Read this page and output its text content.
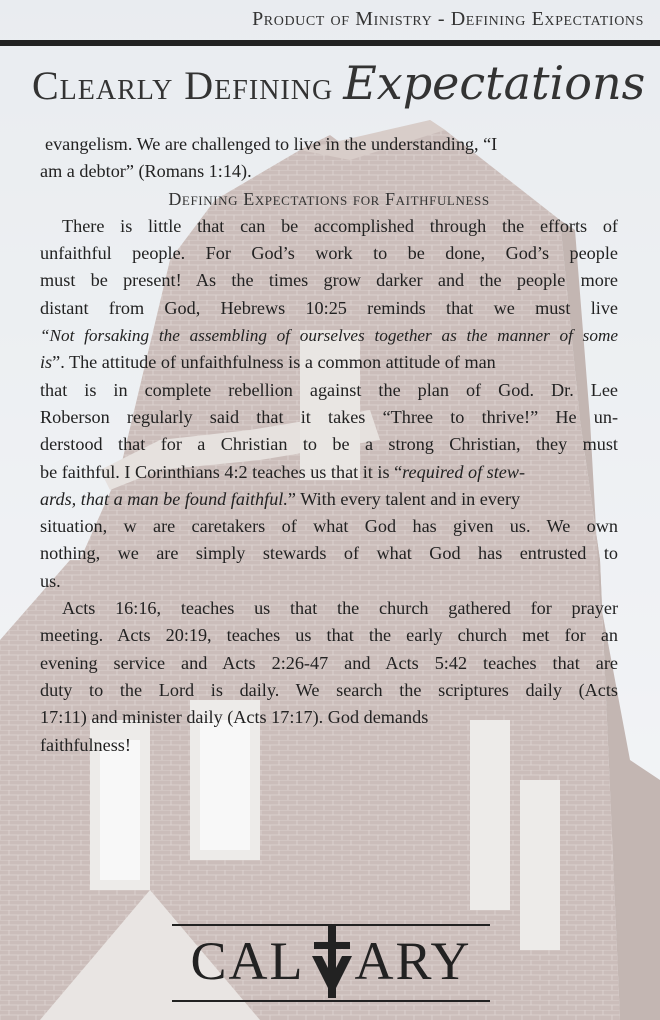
Product of Ministry - Defining Expectations
Clearly Defining Expectations
evangelism. We are challenged to live in the understanding, “I
am a debtor” (Romans 1:14).
Defining Expectations for Faithfulness
There is little that can be accomplished through the efforts of
unfaithful people. For God’s work to be done, God’s people
must be present! As the times grow darker and the people more
distant from God, Hebrews 10:25 reminds that we must live
“Not forsaking the assembling of ourselves together as the manner of some
is”. The attitude of unfaithfulness is a common attitude of man
that is in complete rebellion against the plan of God. Dr. Lee
Roberson regularly said that it takes “Three to thrive!” He un-
derstood that for a Christian to be a strong Christian, they must
be faithful. I Corinthians 4:2 teaches us that it is “required of stew-
ards, that a man be found faithful.” With every talent and in every
situation, w are caretakers of what God has given us. We own
nothing, we are simply stewards of what God has entrusted to
us.
Acts 16:16, teaches us that the church gathered for prayer
meeting. Acts 20:19, teaches us that the early church met for an
evening service and Acts 2:26-47 and Acts 5:42 teaches that are
duty to the Lord is daily. We search the scriptures daily (Acts
17:11) and minister daily (Acts 17:17). God demands
faithfulness!
CAL ARY
